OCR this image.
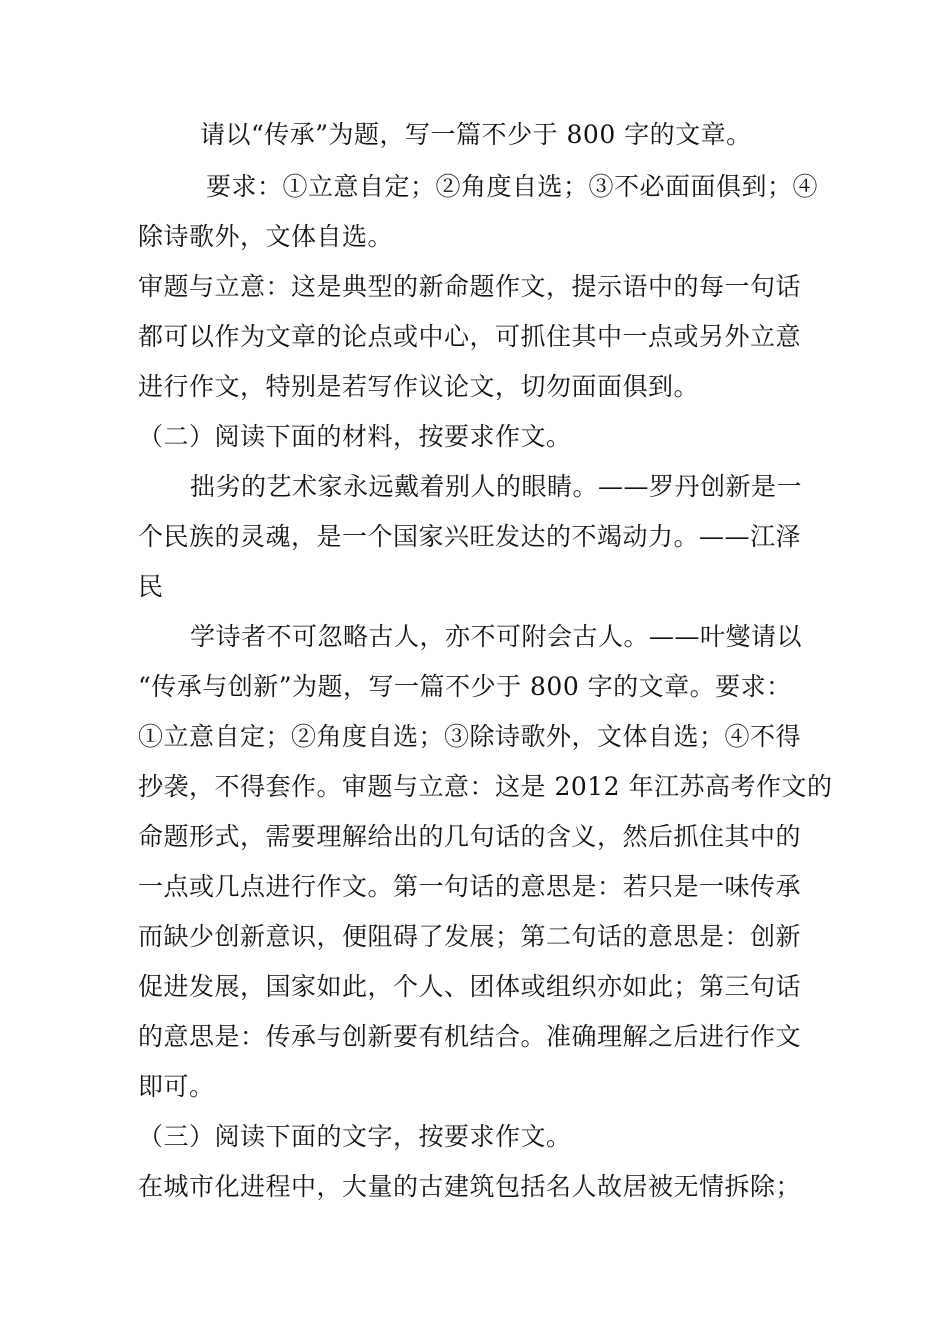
请以“传承”为题，写一篇不少于 800 字的文章。
要求：①立意自定；②角度自选；③不必面面俱到；④
除诗歌外，文体自选。
审题与立意：这是典型的新命题作文，提示语中的每一句话
都可以作为文章的论点或中心，可抓住其中一点或另外立意
进行作文，特别是若写作议论文，切勿面面俱到。
（二）阅读下面的材料，按要求作文。
拙劣的艺术家永远戴着别人的眼睛。——罗丹创新是一
个民族的灵魂，是一个国家兴旺发达的不竭动力。——江泽
民
学诗者不可忽略古人，亦不可附会古人。——叶燮请以
“传承与创新”为题，写一篇不少于 800 字的文章。要求：
①立意自定；②角度自选；③除诗歌外，文体自选；④不得
抄袭，不得套作。审题与立意：这是 2012 年江苏高考作文的
命题形式，需要理解给出的几句话的含义，然后抓住其中的
一点或几点进行作文。第一句话的意思是：若只是一味传承
而缺少创新意识，便阻碍了发展；第二句话的意思是：创新
促进发展，国家如此，个人、团体或组织亦如此；第三句话
的意思是：传承与创新要有机结合。准确理解之后进行作文
即可。
（三）阅读下面的文字，按要求作文。
在城市化进程中，大量的古建筑包括名人故居被无情拆除；
